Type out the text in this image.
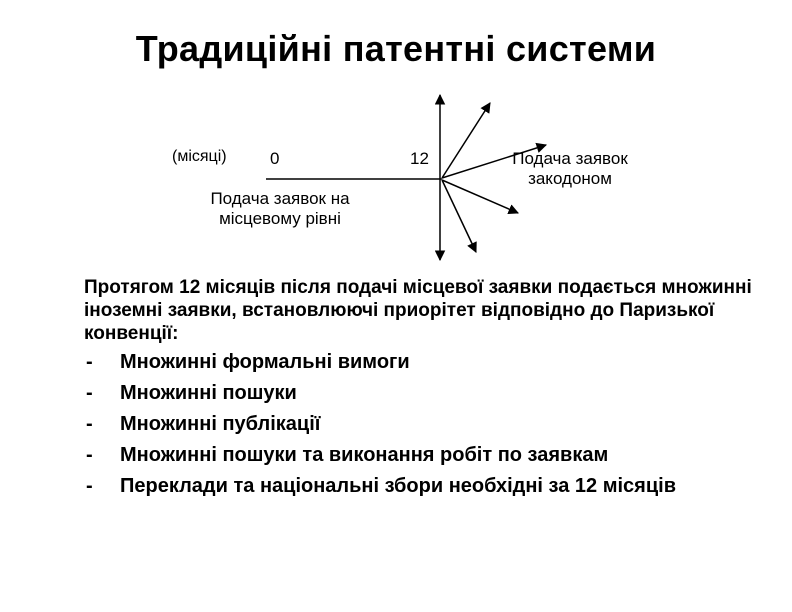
Традиційні патентні системи
(місяці)	0	12
Подача заявок на місцевому рівні
Подача заявок закодоном

Протягом 12 місяців після подачі місцевої заявки подається множинні іноземні заявки, встановлюючі приорітет відповідно до Паризької конвенції:

- Множинні формальні вимоги
- Множинні пошуки
- Множинні публікації
- Множинні пошуки та виконання робіт по заявкам
- Переклади та національні збори необхідні за 12 місяців
